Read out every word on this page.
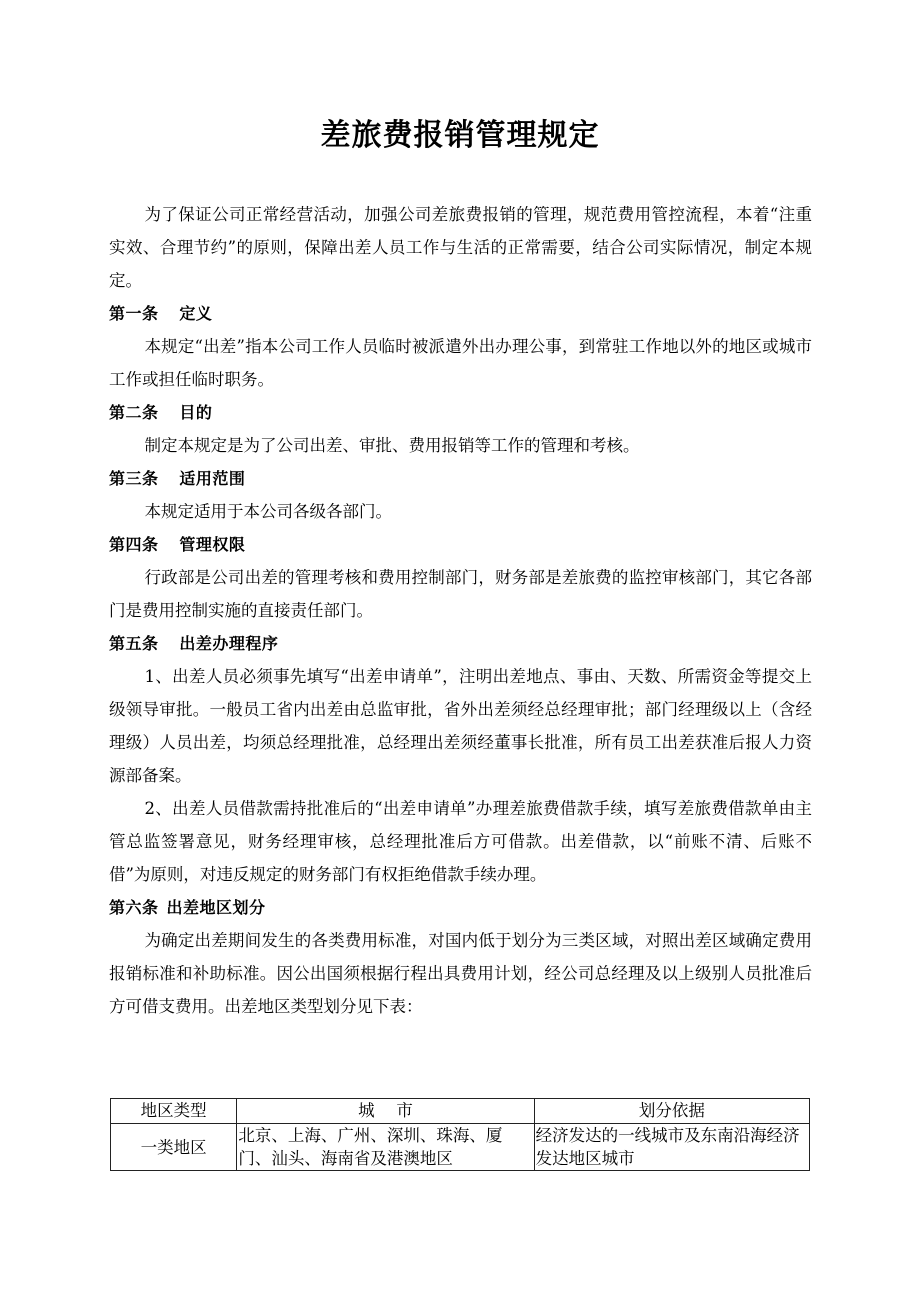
差旅费报销管理规定

为了保证公司正常经营活动，加强公司差旅费报销的管理，规范费用管控流程，本着“注重实效、合理节约”的原则，保障出差人员工作与生活的正常需要，结合公司实际情况，制定本规定。

第一条 定义

本规定“出差”指本公司工作人员临时被派遣外出办理公事，到常驻工作地以外的地区或城市工作或担任临时职务。

第二条 目的

制定本规定是为了公司出差、审批、费用报销等工作的管理和考核。

第三条 适用范围

本规定适用于本公司各级各部门。

第四条 管理权限

行政部是公司出差的管理考核和费用控制部门，财务部是差旅费的监控审核部门，其它各部门是费用控制实施的直接责任部门。

第五条 出差办理程序

1、出差人员必须事先填写“出差申请单”，注明出差地点、事由、天数、所需资金等提交上级领导审批。一般员工省内出差由总监审批，省外出差须经总经理审批；部门经理级以上（含经理级）人员出差，均须总经理批准，总经理出差须经董事长批准，所有员工出差获准后报人力资源部备案。

2、出差人员借款需持批准后的“出差申请单”办理差旅费借款手续，填写差旅费借款单由主管总监签署意见，财务经理审核，总经理批准后方可借款。出差借款，以“前账不清、后账不借”为原则，对违反规定的财务部门有权拒绝借款手续办理。

第六条 出差地区划分

为确定出差期间发生的各类费用标准，对国内低于划分为三类区域，对照出差区域确定费用报销标准和补助标准。因公出国须根据行程出具费用计划，经公司总经理及以上级别人员批准后方可借支费用。出差地区类型划分见下表：

地区类型	城　 市	划分依据
一类地区	北京、上海、广州、深圳、珠海、厦门、汕头、海南省及港澳地区	经济发达的一线城市及东南沿海经济发达地区城市
